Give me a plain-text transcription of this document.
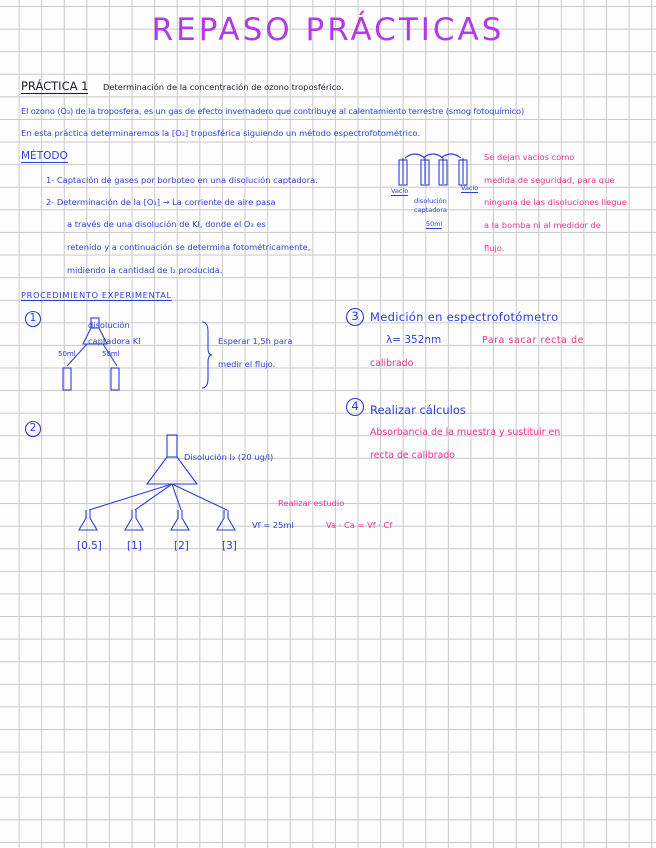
REPASO PRÁCTICAS
PRÁCTICA 1 Determinación de la concentración de ozono troposférico.
El ozono (O₃) de la troposfera, es un gas de efecto invernadero que contribuye al calentamiento terrestre (smog fotoquímico)
En esta práctica determinaremos la [O₃] troposférica siguiendo un método espectrofotométrico.
MÉTODO
1- Captación de gases por borboteo en una disolución captadora.
2- Determinación de la [O₃] → La corriente de aire pasa
a través de una disolución de KI, donde el O₃ es
retenido y a continuación se determina fotométricamente,
midiendo la cantidad de I₂ producida.
Vacío	Vacío
disolución
captadora
50ml
Se dejan vacíos como
medida de seguridad, para que
ninguna de las disoluciones llegue
a la bomba ni al medidor de
flujo.
PROCEDIMIENTO EXPERIMENTAL
1
disolución
captadora KI
50ml	50ml
Esperar 1,5h para
medir el flujo.
2
Disolución I₂ (20 ug/l)
[0.5] [1]	[2]	[3]
Vf = 25ml
Realizar estudio
Va · Ca = Vf · Cf
3 Medición en espectrofotómetro
λ= 352nm	Para sacar recta de
calibrado
4 Realizar cálculos
Absorbancia de la muestra y sustituir en
recta de calibrado
